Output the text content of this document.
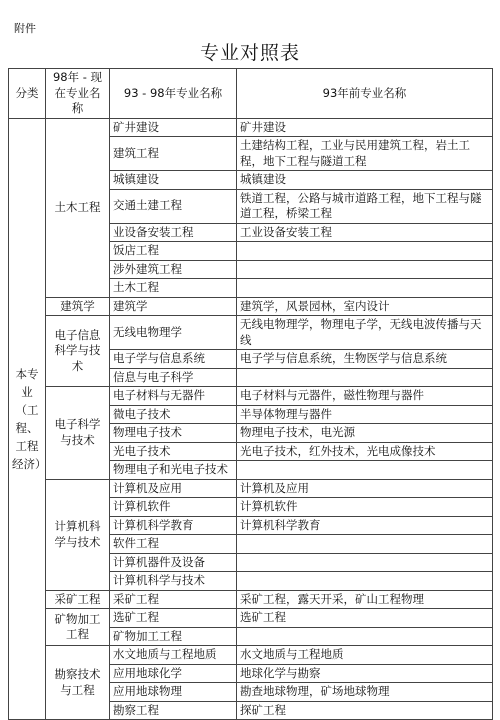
附件
专业对照表
分类	98年 - 现在专业名称	93 - 98年专业名称	93年前专业名称
本专业（工程、工程经济）	土木工程	矿井建设	矿井建设
		建筑工程	土建结构工程，工业与民用建筑工程，岩土工程，地下工程与隧道工程
		城镇建设	城镇建设
		交通土建工程	铁道工程，公路与城市道路工程，地下工程与隧道工程，桥梁工程
		业设备安装工程	工业设备安装工程
		饭店工程	
		涉外建筑工程	
		土木工程	
	建筑学	建筑学	建筑学，风景园林，室内设计
	电子信息科学与技术	无线电物理学	无线电物理学，物理电子学，无线电波传播与天线
		电子学与信息系统	电子学与信息系统，生物医学与信息系统
		信息与电子科学	
	电子科学与技术	电子材料与无器件	电子材料与元器件，磁性物理与器件
		微电子技术	半导体物理与器件
		物理电子技术	物理电子技术，电光源
		光电子技术	光电子技术，红外技术，光电成像技术
		物理电子和光电子技术	
	计算机科学与技术	计算机及应用	计算机及应用
		计算机软件	计算机软件
		计算机科学教育	计算机科学教育
		软件工程	
		计算机器件及设备	
		计算机科学与技术	
	采矿工程	采矿工程	采矿工程，露天开采，矿山工程物理
	矿物加工工程	选矿工程	选矿工程
		矿物加工工程	
	勘察技术与工程	水文地质与工程地质	水文地质与工程地质
		应用地球化学	地球化学与勘察
		应用地球物理	勘查地球物理，矿场地球物理
		勘察工程	探矿工程
